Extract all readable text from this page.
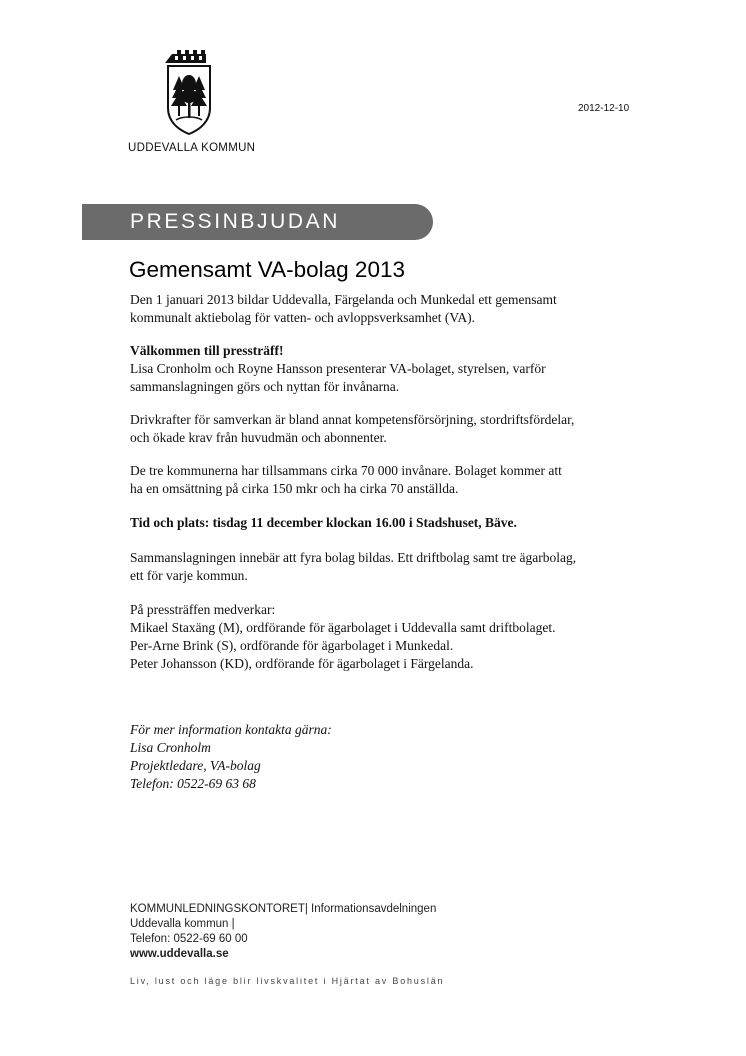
UDDEVALLA KOMMUN
2012-12-10
PRESSINBJUDAN
Gemensamt VA-bolag 2013

Den 1 januari 2013 bildar Uddevalla, Färgelanda och Munkedal ett gemensamt

kommunalt aktiebolag för vatten- och avloppsverksamhet (VA).

Välkommen till pressträff!

Lisa Cronholm och Royne Hansson presenterar VA-bolaget, styrelsen, varför

sammanslagningen görs och nyttan för invånarna.

Drivkrafter för samverkan är bland annat kompetensförsörjning, stordriftsfördelar,

och ökade krav från huvudmän och abonnenter.

De tre kommunerna har tillsammans cirka 70 000 invånare. Bolaget kommer att

ha en omsättning på cirka 150 mkr och ha cirka 70 anställda.

Tid och plats: tisdag 11 december klockan 16.00 i Stadshuset, Bäve.

Sammanslagningen innebär att fyra bolag bildas. Ett driftbolag samt tre ägarbolag,

ett för varje kommun.

På pressträffen medverkar:

Mikael Staxäng (M), ordförande för ägarbolaget i Uddevalla samt driftbolaget.

Per-Arne Brink (S), ordförande för ägarbolaget i Munkedal.

Peter Johansson (KD), ordförande för ägarbolaget i Färgelanda.

För mer information kontakta gärna:

Lisa Cronholm

Projektledare, VA-bolag

Telefon: 0522-69 63 68

KOMMUNLEDNINGSKONTORET| Informationsavdelningen
Uddevalla kommun |
Telefon: 0522-69 60 00
www.uddevalla.se
Liv, lust och läge blir livskvalitet i Hjärtat av Bohuslän
